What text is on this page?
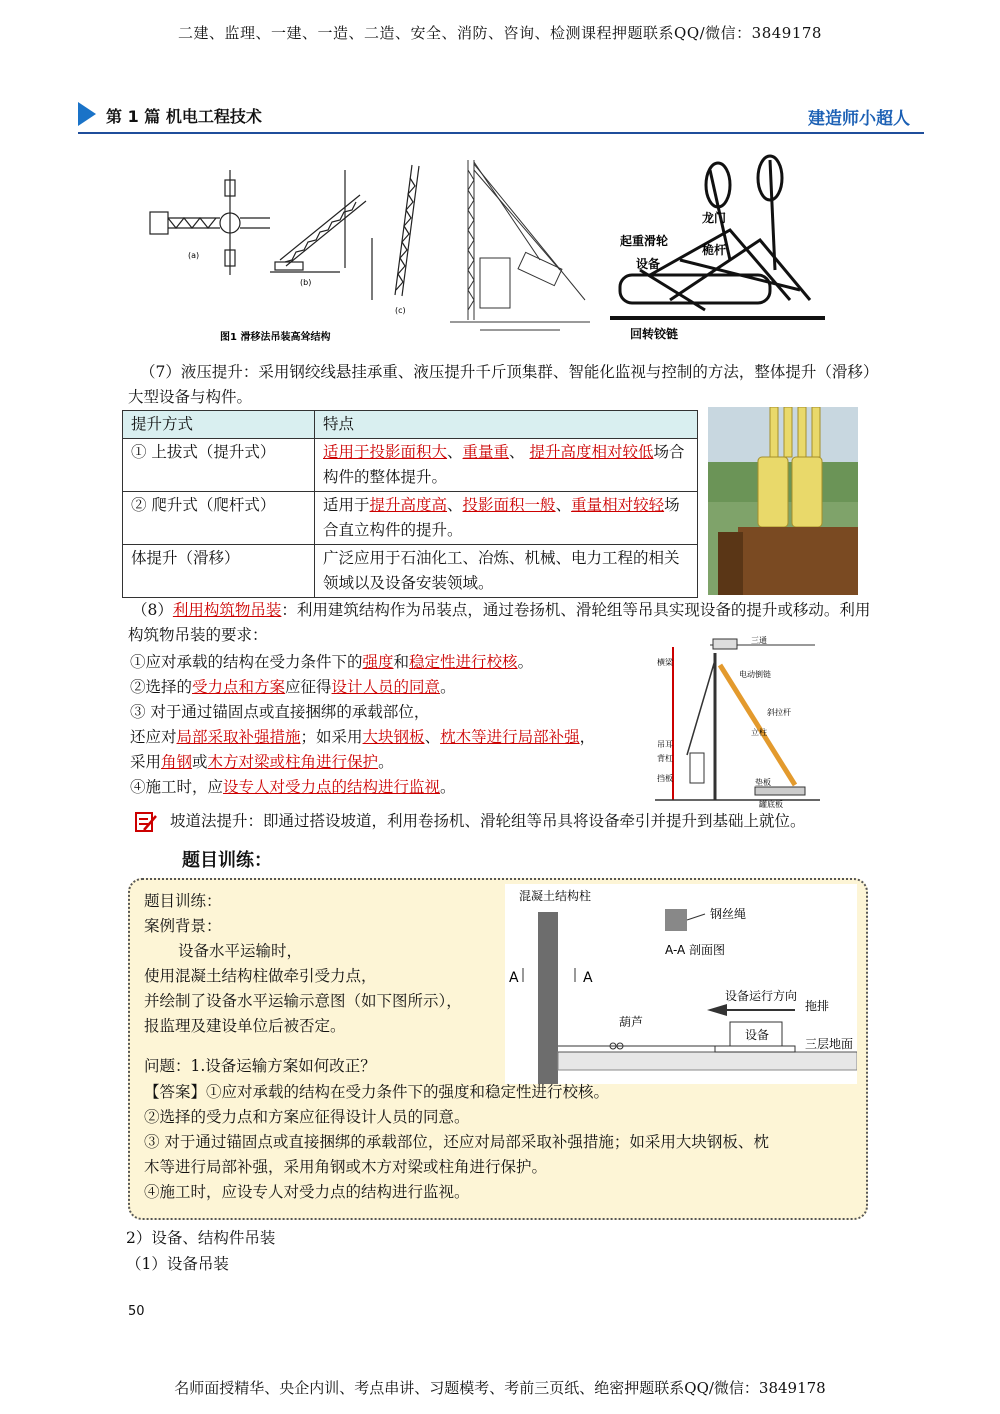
二建、监理、一建、一造、二造、安全、消防、咨询、检测课程押题联系QQ/微信：3849178
第 1 篇 机电工程技术	建造师小超人
(a)
(b)
(c)
图1 滑移法吊装高耸结构
起重滑轮
龙门
桅杆
设备
回转铰链
（7）液压提升：采用钢绞线悬挂承重、液压提升千斤顶集群、智能化监视与控制的方法，整体提升（滑移）大型设备与构件。
提升方式	特点
① 上拔式（提升式）	适用于投影面积大、重量重、 提升高度相对较低场合构件的整体提升。
② 爬升式（爬杆式）	适用于提升高度高、投影面积一般、重量相对较轻场合直立构件的提升。
体提升（滑移）	广泛应用于石油化工、冶炼、机械、电力工程的相关领域以及设备安装领域。
（8）利用构筑物吊装：利用建筑结构作为吊装点，通过卷扬机、滑轮组等吊具实现设备的提升或移动。利用构筑物吊装的要求：
①应对承载的结构在受力条件下的强度和稳定性进行校核。
②选择的受力点和方案应征得设计人员的同意。
③ 对于通过锚固点或直接捆绑的承载部位，
还应对局部采取补强措施；如采用大块钢板、枕木等进行局部补强，
采用角钢或木方对梁或柱角进行保护。
④施工时，应设专人对受力点的结构进行监视。
三通
横梁
电动倒链
斜拉杆
立柱
吊耳
背杠
挡板	垫板
罐底板
坡道法提升：即通过搭设坡道，利用卷扬机、滑轮组等吊具将设备牵引并提升到基础上就位。
题目训练：
题目训练：
案例背景：
设备水平运输时，
使用混凝土结构柱做牵引受力点，
并绘制了设备水平运输示意图（如下图所示），
报监理及建设单位后被否定。
混凝土结构柱
钢丝绳
A-A 剖面图
A	A
设备运行方向
拖排
葫芦
设备
三层地面
问题：1.设备运输方案如何改正？
【答案】①应对承载的结构在受力条件下的强度和稳定性进行校核。
②选择的受力点和方案应征得设计人员的同意。
③ 对于通过锚固点或直接捆绑的承载部位，还应对局部采取补强措施；如采用大块钢板、枕
木等进行局部补强，采用角钢或木方对梁或柱角进行保护。
④施工时，应设专人对受力点的结构进行监视。
2）设备、结构件吊装
（1）设备吊装
50
名师面授精华、央企内训、考点串讲、习题模考、考前三页纸、绝密押题联系QQ/微信：3849178
